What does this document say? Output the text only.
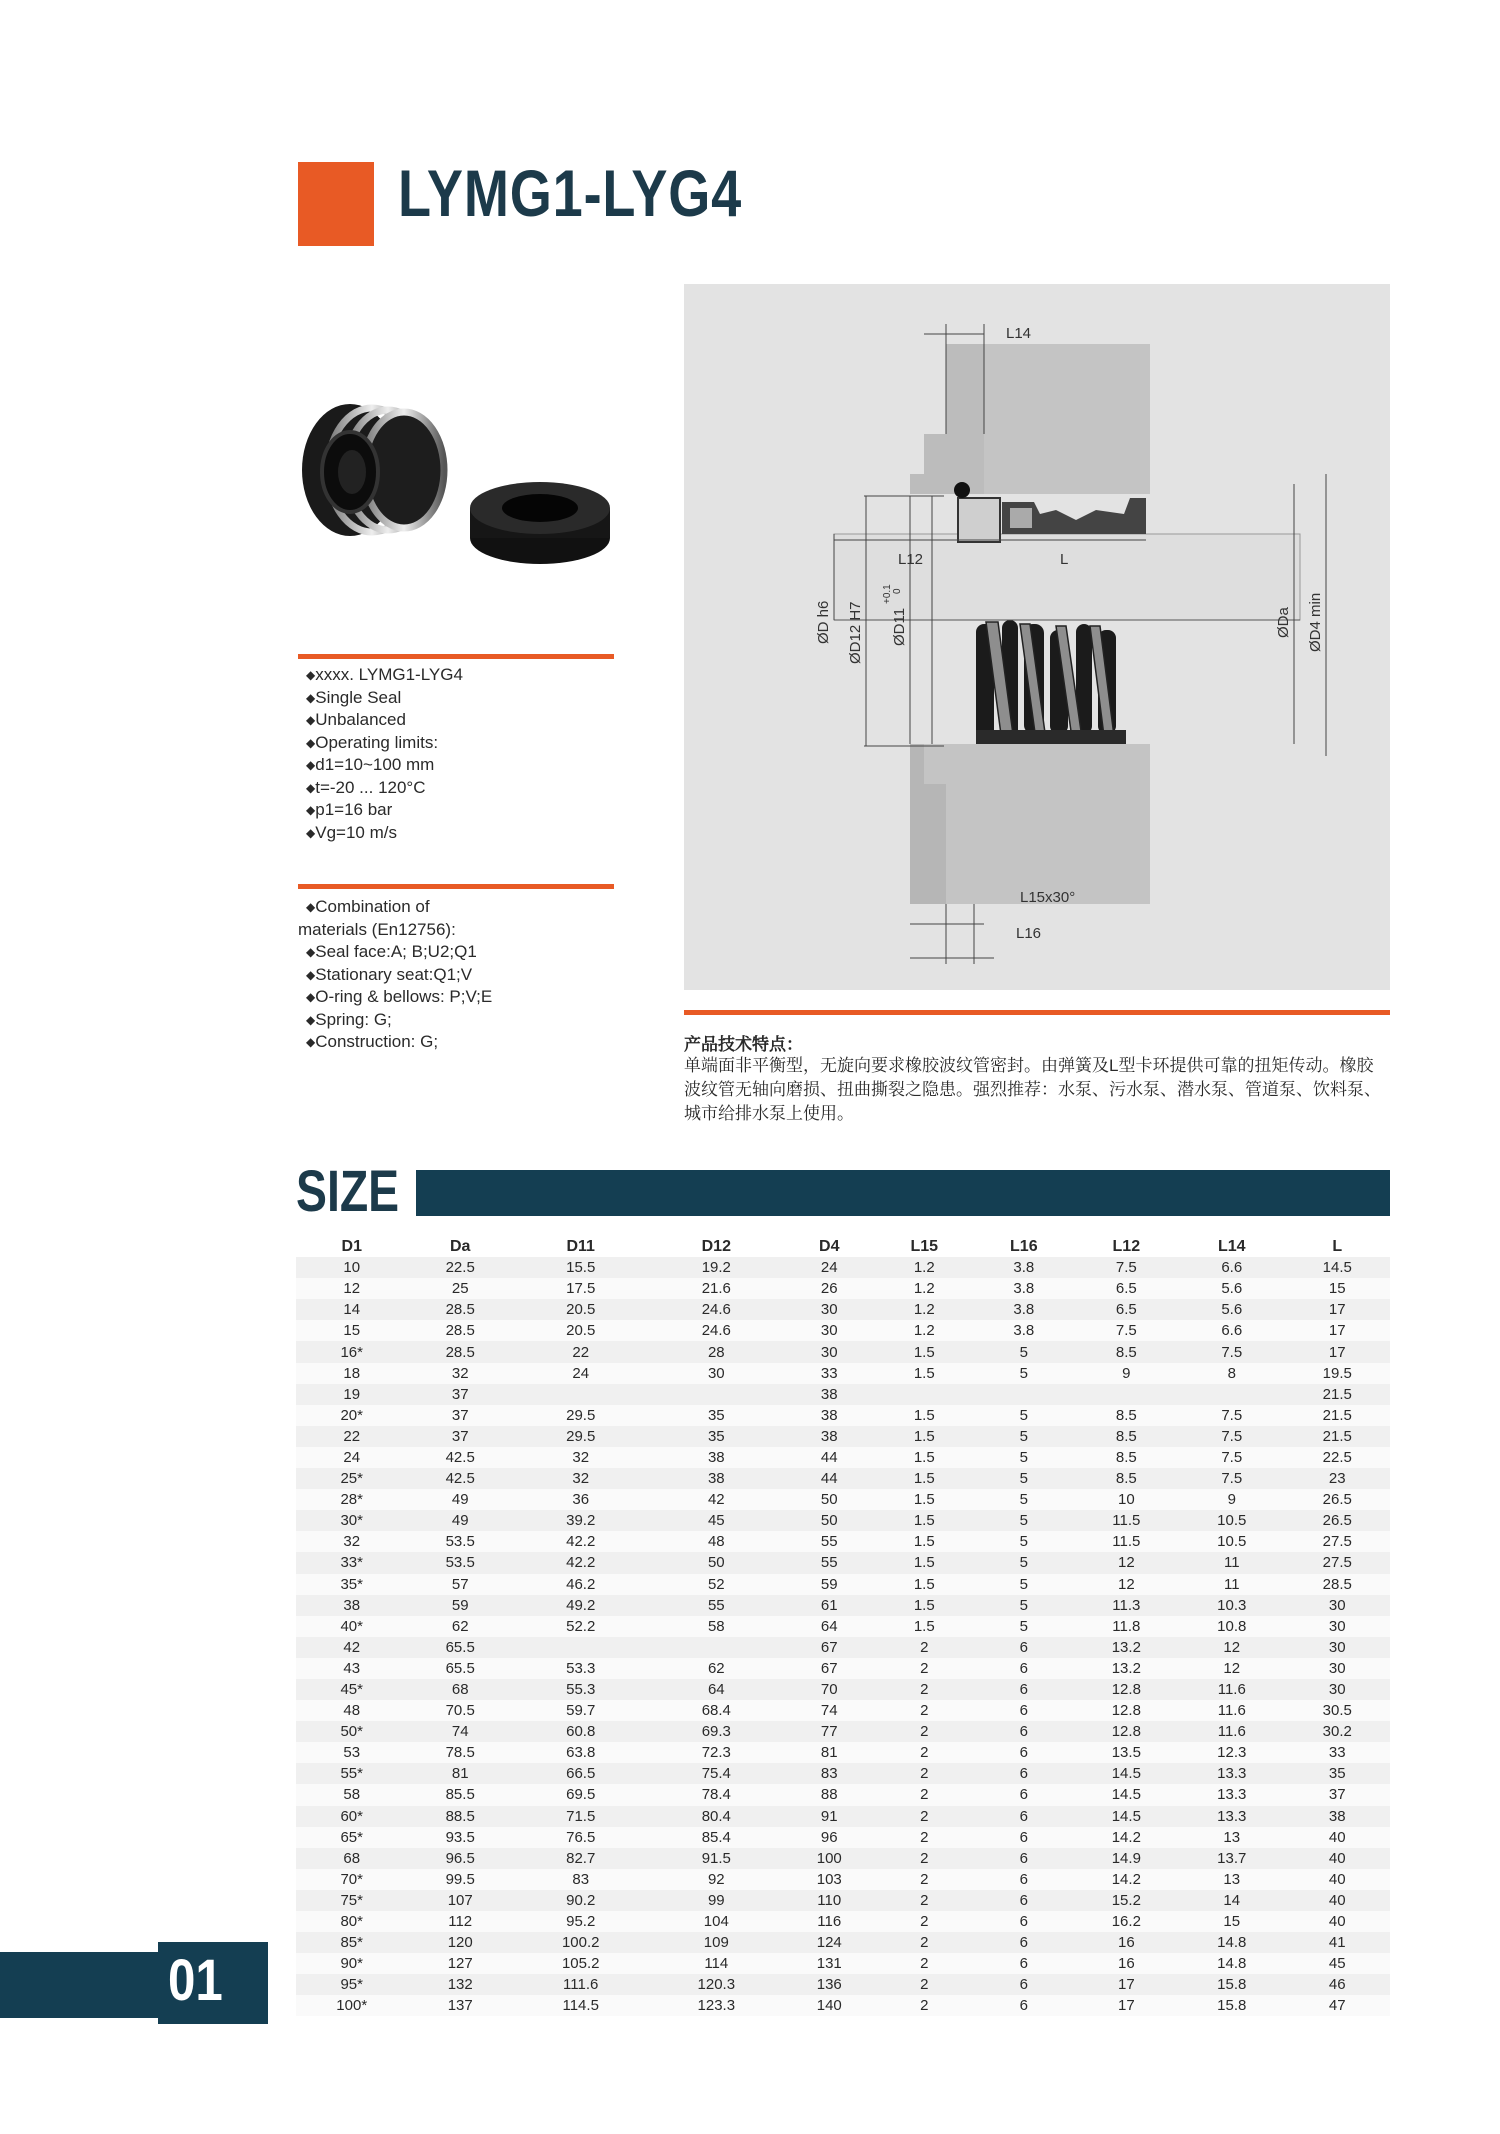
LYMG1-LYG4
◆ xxxx. LYMG1-LYG4
◆ Single Seal
◆ Unbalanced
◆ Operating limits:
◆ d1=10~100 mm
◆ t=-20 ... 120°C
◆ p1=16 bar
◆ Vg=10 m/s
◆ Combination of
materials (En12756):
◆ Seal face:A; B;U2;Q1
◆ Stationary seat:Q1;V
◆ O-ring & bellows: P;V;E
◆ Spring: G;
◆ Construction: G;
L14
L12	L
L15x30°
L16
ØD12 H7 ØD11
+0.1 0
ØD h6	ØDa ØD4 min
产品技术特点：
单端面非平衡型，无旋向要求橡胶波纹管密封。由弹簧及L型卡环提供可靠的扭矩传动。橡胶波纹管无轴向磨损、扭曲撕裂之隐患。强烈推荐：水泵、污水泵、潜水泵、管道泵、饮料泵、城市给排水泵上使用。
SIZE
D1	Da	D11	D12	D4	L15	L16	L12	L14	L
10	22.5	15.5	19.2	24	1.2	3.8	7.5	6.6	14.5
12	25	17.5	21.6	26	1.2	3.8	6.5	5.6	15
14	28.5	20.5	24.6	30	1.2	3.8	6.5	5.6	17
15	28.5	20.5	24.6	30	1.2	3.8	7.5	6.6	17
16*	28.5	22	28	30	1.5	5	8.5	7.5	17
18	32	24	30	33	1.5	5	9	8	19.5
19	37			38					21.5
20*	37	29.5	35	38	1.5	5	8.5	7.5	21.5
22	37	29.5	35	38	1.5	5	8.5	7.5	21.5
24	42.5	32	38	44	1.5	5	8.5	7.5	22.5
25*	42.5	32	38	44	1.5	5	8.5	7.5	23
28*	49	36	42	50	1.5	5	10	9	26.5
30*	49	39.2	45	50	1.5	5	11.5	10.5	26.5
32	53.5	42.2	48	55	1.5	5	11.5	10.5	27.5
33*	53.5	42.2	50	55	1.5	5	12	11	27.5
35*	57	46.2	52	59	1.5	5	12	11	28.5
38	59	49.2	55	61	1.5	5	11.3	10.3	30
40*	62	52.2	58	64	1.5	5	11.8	10.8	30
42	65.5			67	2	6	13.2	12	30
43	65.5	53.3	62	67	2	6	13.2	12	30
45*	68	55.3	64	70	2	6	12.8	11.6	30
48	70.5	59.7	68.4	74	2	6	12.8	11.6	30.5
50*	74	60.8	69.3	77	2	6	12.8	11.6	30.2
53	78.5	63.8	72.3	81	2	6	13.5	12.3	33
55*	81	66.5	75.4	83	2	6	14.5	13.3	35
58	85.5	69.5	78.4	88	2	6	14.5	13.3	37
60*	88.5	71.5	80.4	91	2	6	14.5	13.3	38
65*	93.5	76.5	85.4	96	2	6	14.2	13	40
68	96.5	82.7	91.5	100	2	6	14.9	13.7	40
70*	99.5	83	92	103	2	6	14.2	13	40
75*	107	90.2	99	110	2	6	15.2	14	40
80*	112	95.2	104	116	2	6	16.2	15	40
85*	120	100.2	109	124	2	6	16	14.8	41
90*	127	105.2	114	131	2	6	16	14.8	45
95*	132	111.6	120.3	136	2	6	17	15.8	46
100*	137	114.5	123.3	140	2	6	17	15.8	47
01
